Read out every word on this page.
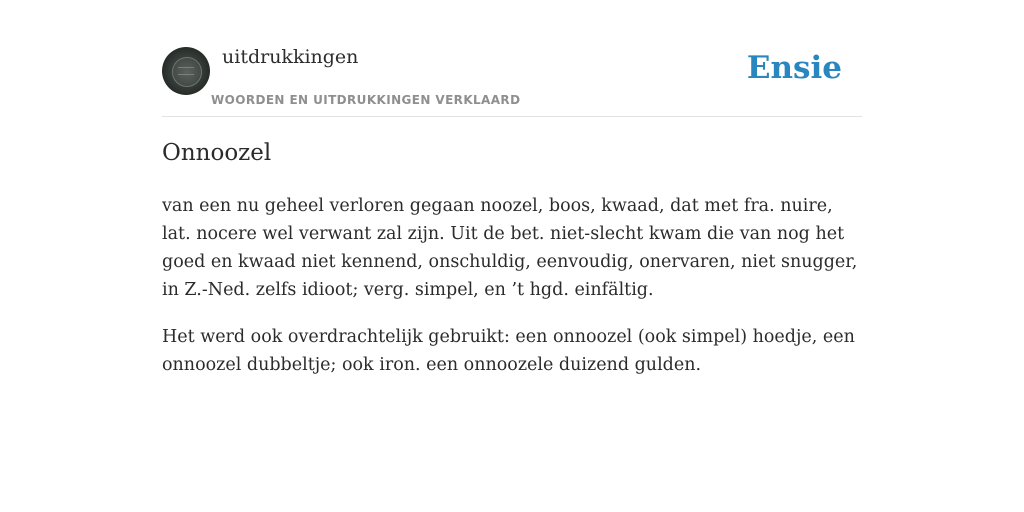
uitdrukkingen
WOORDEN EN UITDRUKKINGEN VERKLAARD
Ensie
Onnoozel

van een nu geheel verloren gegaan noozel, boos, kwaad, dat met fra. nuire, lat. nocere wel verwant zal zijn. Uit de bet. niet-slecht kwam die van nog het goed en kwaad niet kennend, onschuldig, eenvoudig, onervaren, niet snugger, in Z.-Ned. zelfs idioot; verg. simpel, en ’t hgd. einfältig.

Het werd ook overdrachtelijk gebruikt: een onnoozel (ook simpel) hoedje, een onnoozel dubbeltje; ook iron. een onnoozele duizend gulden.
